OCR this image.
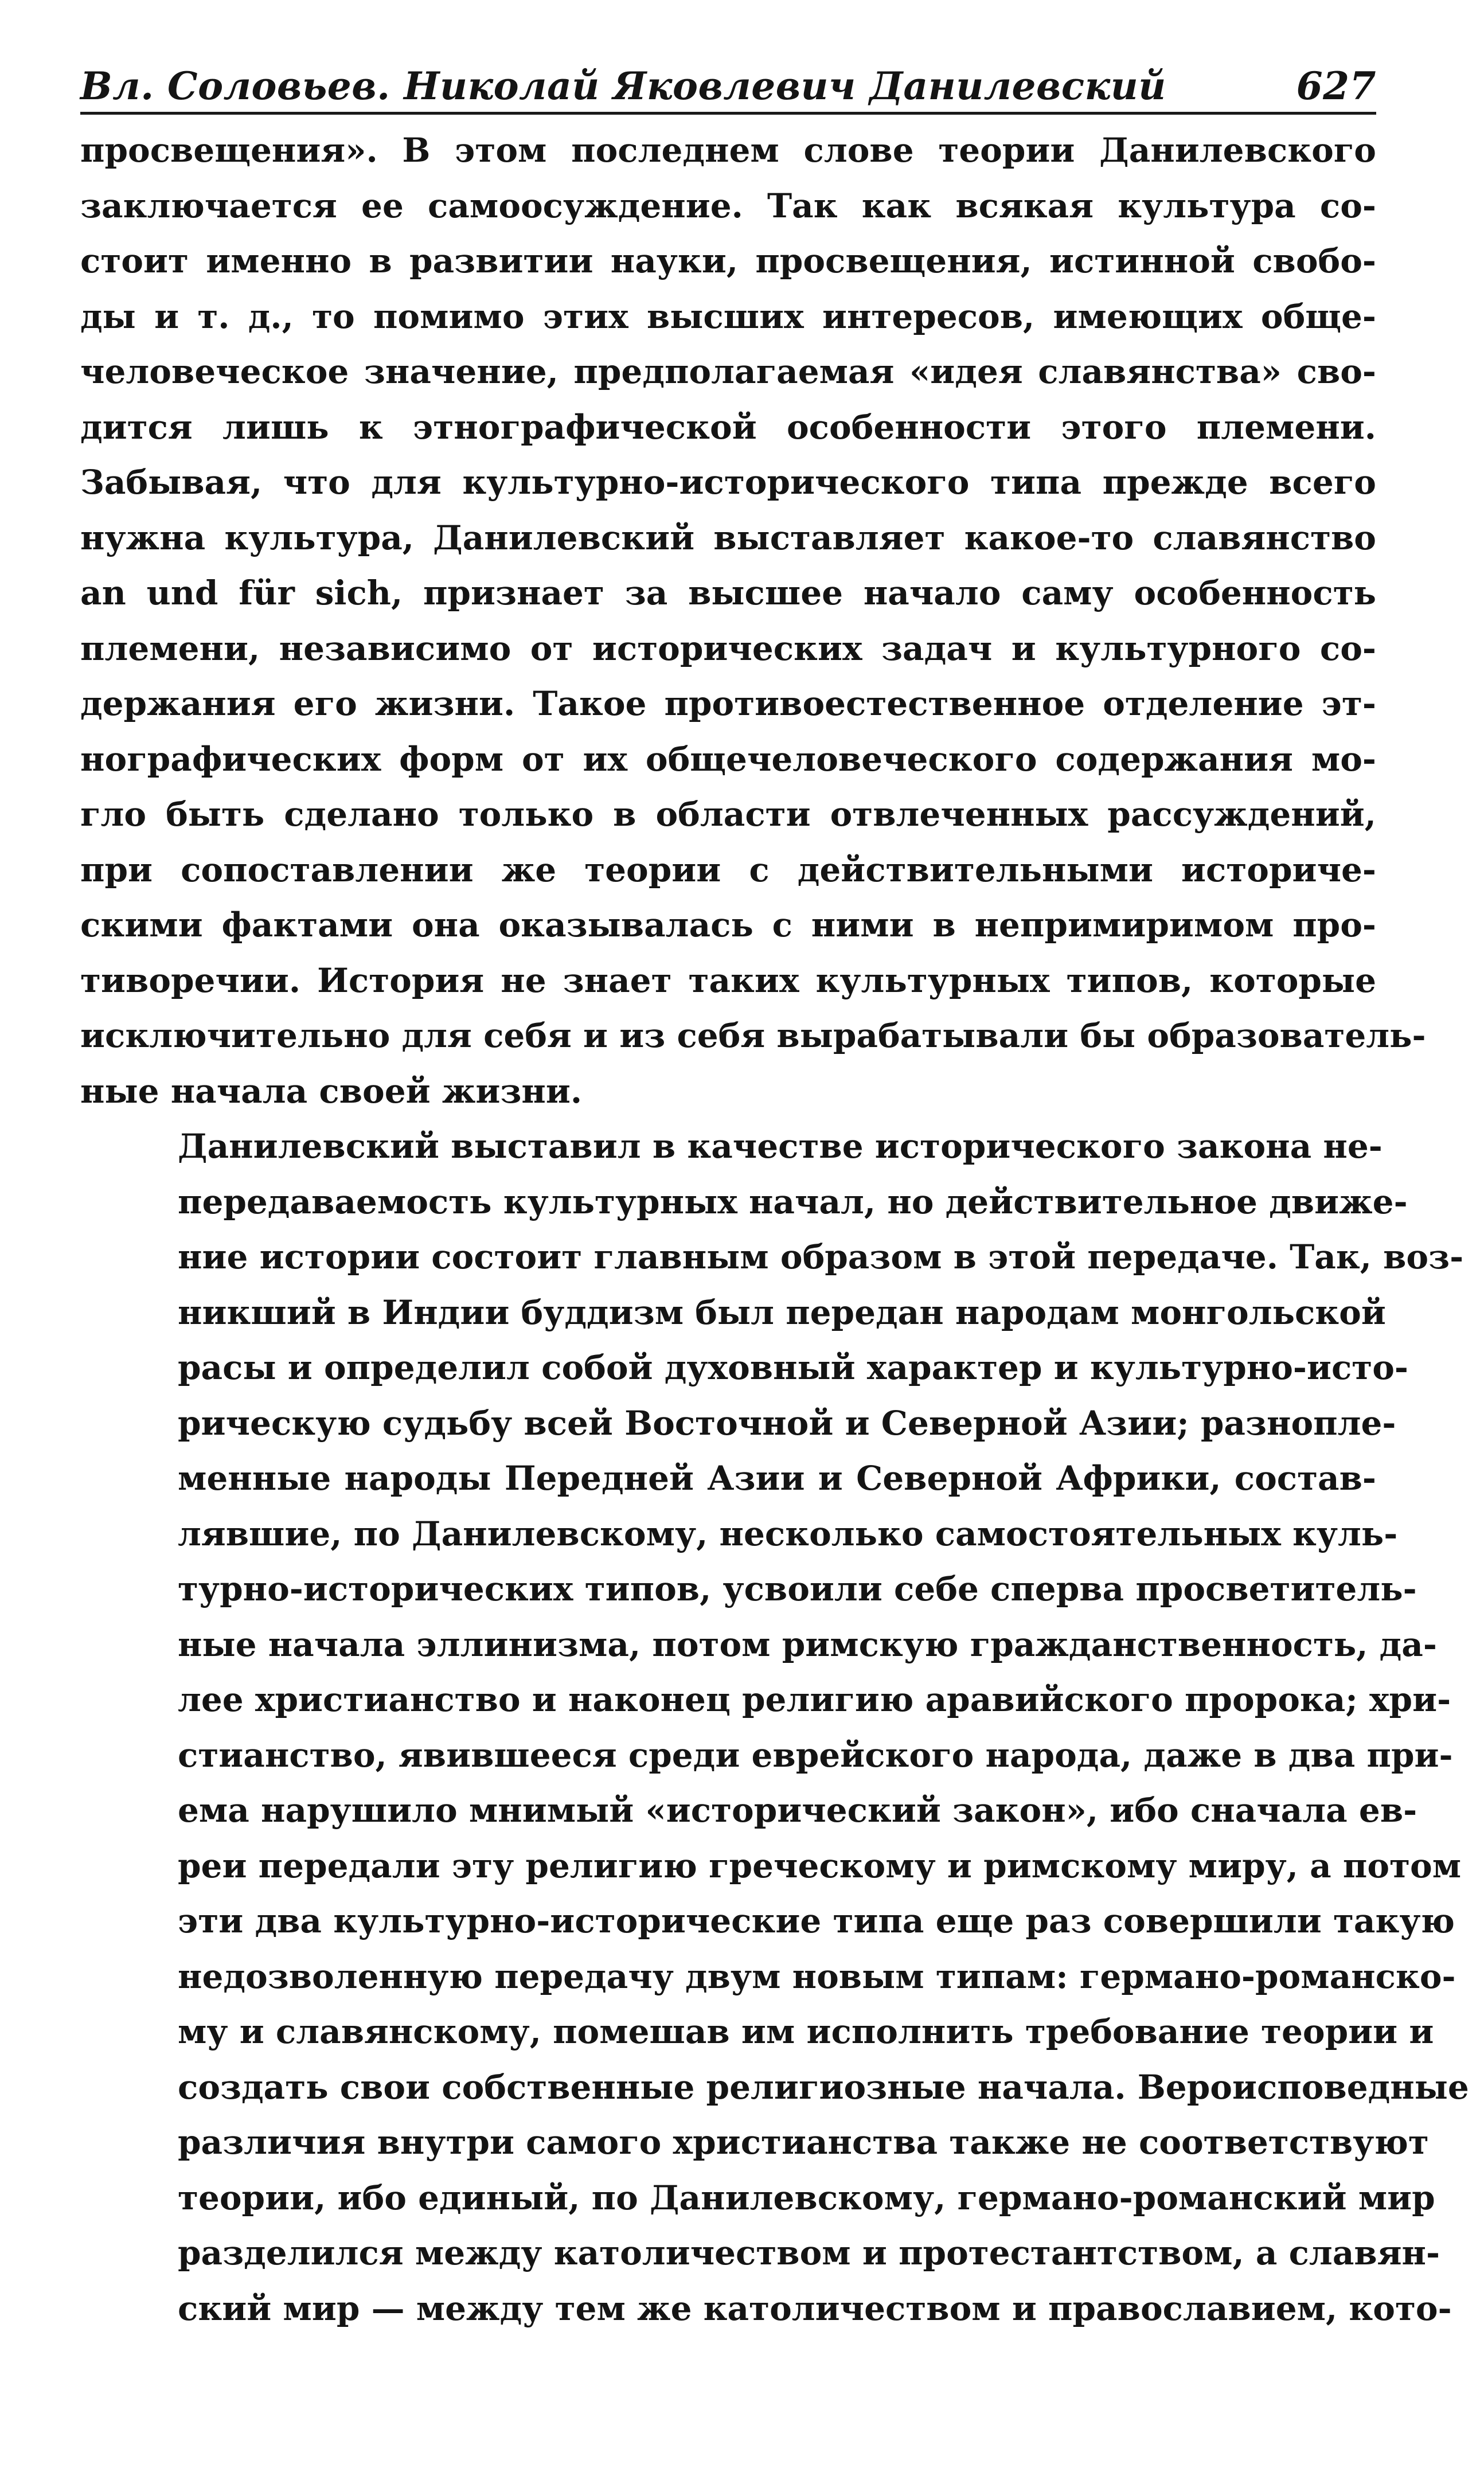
Вл. Соловьев. Николай Яковлевич Данилевский	627

просвещения». В этом последнем слове теории Данилевского
заключается ее самоосуждение. Так как всякая культура со-
стоит именно в развитии науки, просвещения, истинной свобо-
ды и т. д., то помимо этих высших интересов, имеющих обще-
человеческое значение, предполагаемая «идея славянства» сво-
дится лишь к этнографической особенности этого племени.
Забывая, что для культурно-исторического типа прежде всего
нужна культура, Данилевский выставляет какое-то славянство
an und für sich, признает за высшее начало саму особенность
племени, независимо от исторических задач и культурного со-
держания его жизни. Такое противоестественное отделение эт-
нографических форм от их общечеловеческого содержания мо-
гло быть сделано только в области отвлеченных рассуждений,
при сопоставлении же теории с действительными историче-
скими фактами она оказывалась с ними в непримиримом про-
тиворечии. История не знает таких культурных типов, которые
исключительно для себя и из себя вырабатывали бы образователь-
ные начала своей жизни.

Данилевский выставил в качестве исторического закона не-
передаваемость культурных начал, но действительное движе-
ние истории состоит главным образом в этой передаче. Так, воз-
никший в Индии буддизм был передан народам монгольской
расы и определил собой духовный характер и культурно-исто-
рическую судьбу всей Восточной и Северной Азии; разнопле-
менные народы Передней Азии и Северной Африки, состав-
лявшие, по Данилевскому, несколько самостоятельных куль-
турно-исторических типов, усвоили себе сперва просветитель-
ные начала эллинизма, потом римскую гражданственность, да-
лее христианство и наконец религию аравийского пророка; хри-
стианство, явившееся среди еврейского народа, даже в два при-
ема нарушило мнимый «исторический закон», ибо сначала ев-
реи передали эту религию греческому и римскому миру, а потом
эти два культурно-исторические типа еще раз совершили такую
недозволенную передачу двум новым типам: германо-романско-
му и славянскому, помешав им исполнить требование теории и
создать свои собственные религиозные начала. Вероисповедные
различия внутри самого христианства также не соответствуют
теории, ибо единый, по Данилевскому, германо-романский мир
разделился между католичеством и протестантством, а славян-
ский мир — между тем же католичеством и православием, кото-
